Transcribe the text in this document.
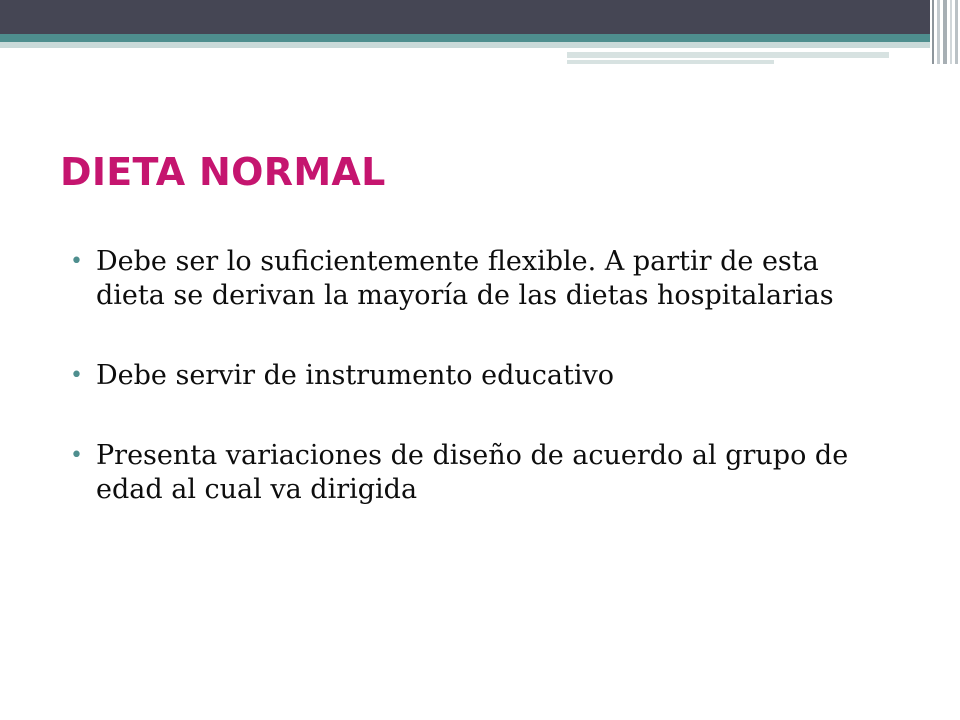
DIETA NORMAL
• Debe ser lo suficientemente flexible. A partir de esta dieta se derivan la mayoría de las dietas hospitalarias
• Debe servir de instrumento educativo
• Presenta variaciones de diseño de acuerdo al grupo de edad al cual va dirigida
